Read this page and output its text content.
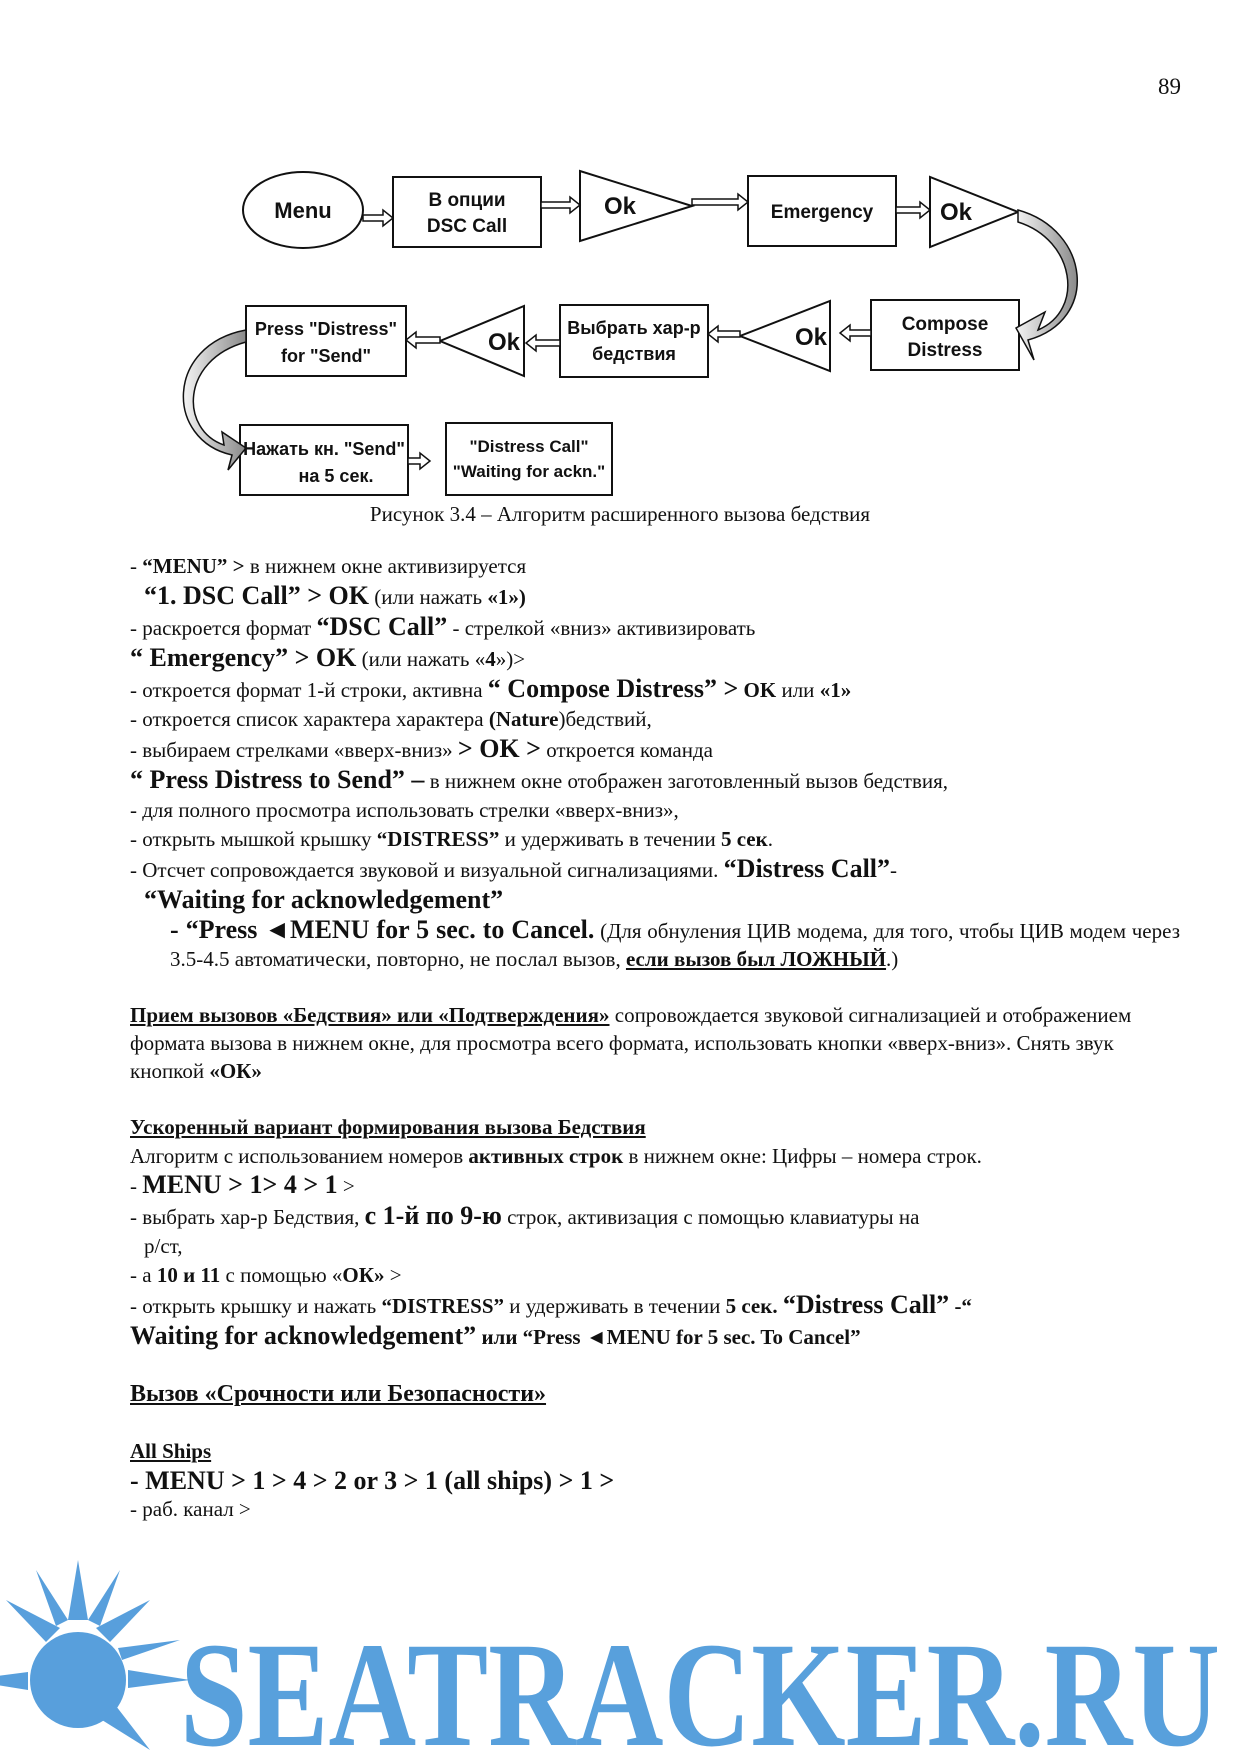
89
Menu	В опции
DSC Call
Ok	Emergency	Ok
Compose
Distress
Ok
Выбрать хар-р
бедствия
Ok
Press "Distress"
for "Send"
Нажать кн. "Send"
на 5 сек.
"Distress Call"
"Waiting for ackn."
Рисунок 3.4 – Алгоритм расширенного вызова бедствия
- “MENU” > в нижнем окне активизируется
“1. DSC Call” > OK (или нажать «1»)
- раскроется формат “DSC Call” - стрелкой «вниз» активизировать
“ Emergency” > OK (или нажать «4»)>
- откроется формат 1-й строки, активна “ Compose Distress” > OK или «1»
- откроется список характера характера (Nature)бедствий,
- выбираем стрелками «вверх-вниз» > OK > откроется команда
“ Press Distress to Send” – в нижнем окне отображен заготовленный вызов бедствия,
- для полного просмотра использовать стрелки «вверх-вниз»,
- открыть мышкой крышку “DISTRESS” и удерживать в течении 5 сек.
- Отсчет сопровождается звуковой и визуальной сигнализациями. “Distress Call”-
“Waiting for acknowledgement”
- “Press ◄MENU for 5 sec. to Cancel. (Для обнуления ЦИВ модема, для того, чтобы ЦИВ модем через 3.5-4.5 автоматически, повторно, не послал вызов, если вызов был ЛОЖНЫЙ.)
Прием вызовов «Бедствия» или «Подтверждения» сопровождается звуковой сигнализацией и отображением формата вызова в нижнем окне, для просмотра всего формата, использовать кнопки «вверх-вниз». Снять звук кнопкой «ОК»
Ускоренный вариант формирования вызова Бедствия
Алгоритм с использованием номеров активных строк в нижнем окне: Цифры – номера строк.
- MENU > 1> 4 > 1 >
- выбрать хар-р Бедствия, с 1-й по 9-ю строк, активизация с помощью клавиатуры на
р/ст,
- а 10 и 11 с помощью «ОК» >
- открыть крышку и нажать “DISTRESS” и удерживать в течении 5 сек. “Distress Call” -“
Waiting for acknowledgement” или “Press ◄MENU for 5 sec. To Cancel”
Вызов «Срочности или Безопасности»
All Ships
- MENU > 1 > 4 > 2 or 3 > 1 (all ships) > 1 >
- раб. канал >
SEATRACKER.RU
